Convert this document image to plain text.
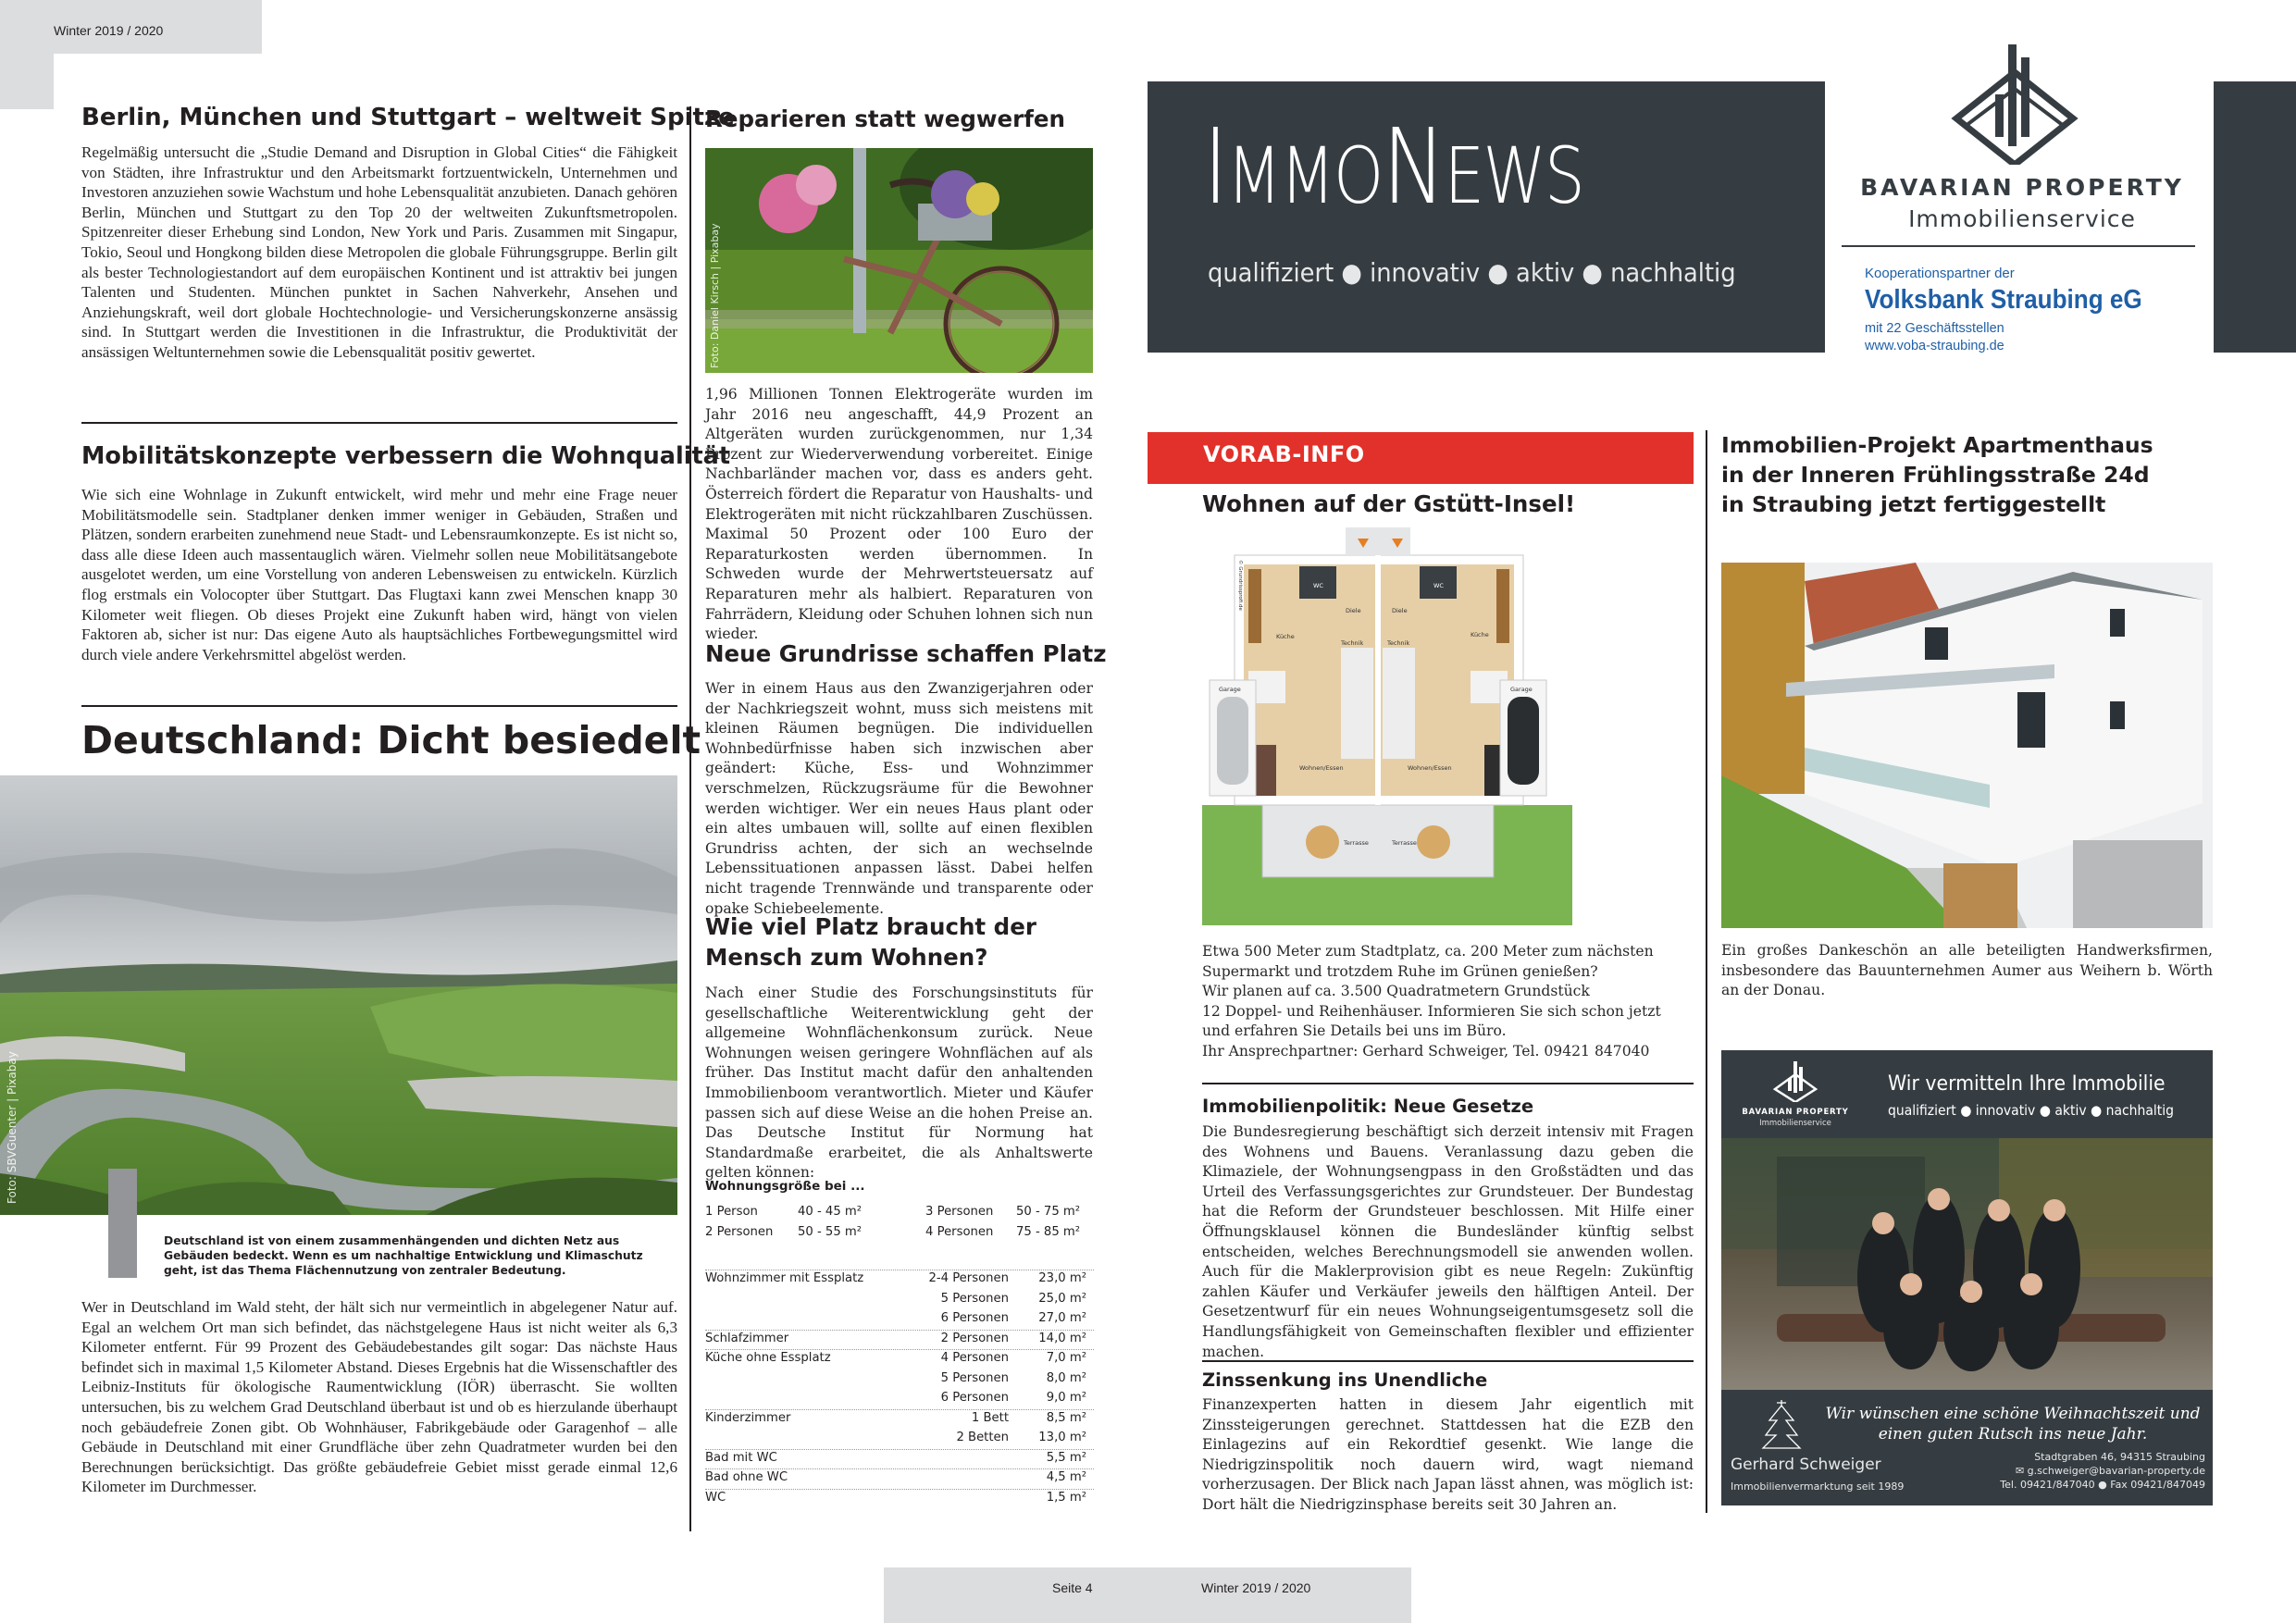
Winter 2019 / 2020
Seite 4	Winter 2019 / 2020
Berlin, München und Stuttgart – weltweit Spitze

Regelmäßig untersucht die „Studie Demand and Disruption in Global Cities“ die Fähigkeit von Städten, ihre Infrastruktur und den Arbeitsmarkt fortzuentwickeln, Unternehmen und Investoren anzuziehen sowie Wachstum und hohe Lebensqualität anzubieten. Danach gehören Berlin, München und Stuttgart zu den Top 20 der weltweiten Zukunftsmetropolen. Spitzenreiter dieser Erhebung sind London, New York und Paris. Zusammen mit Singapur, Tokio, Seoul und Hongkong bilden diese Metropolen die globale Führungsgruppe. Berlin gilt als bester Technologiestandort auf dem europäischen Kontinent und ist attraktiv bei jungen Talenten und Studenten. München punktet in Sachen Nahverkehr, Ansehen und Anziehungskraft, weil dort globale Hochtechnologie- und Versicherungskonzerne ansässig sind. In Stuttgart werden die Investitionen in die Infrastruktur, die Produktivität der ansässigen Weltunternehmen sowie die Lebensqualität positiv gewertet.

Mobilitätskonzepte verbessern die Wohnqualität

Wie sich eine Wohnlage in Zukunft entwickelt, wird mehr und mehr eine Frage neuer Mobilitätsmodelle sein. Stadtplaner denken immer weniger in Gebäuden, Straßen und Plätzen, sondern erarbeiten zunehmend neue Stadt- und Lebensraumkonzepte. Es ist nicht so, dass alle diese Ideen auch massentauglich wären. Vielmehr sollen neue Mobilitätsangebote ausgelotet werden, um eine Vorstellung von anderen Lebensweisen zu entwickeln. Kürzlich flog erstmals ein Volocopter über Stuttgart. Das Flugtaxi kann zwei Menschen knapp 30 Kilometer weit fliegen. Ob dieses Projekt eine Zukunft haben wird, hängt von vielen Faktoren ab, sicher ist nur: Das eigene Auto als hauptsächliches Fortbewegungsmittel wird durch viele andere Verkehrsmittel abgelöst werden.

Deutschland: Dicht besiedelt
Foto: SBVGuenter | Pixabay

Deutschland ist von einem zusammenhängenden und dichten Netz aus Gebäuden bedeckt. Wenn es um nachhaltige Entwicklung und Klimaschutz geht, ist das Thema Flächennutzung von zentraler Bedeutung.

Wer in Deutschland im Wald steht, der hält sich nur vermeintlich in abgelegener Natur auf. Egal an welchem Ort man sich befindet, das nächstgelegene Haus ist nicht weiter als 6,3 Kilometer entfernt. Für 99 Prozent des Gebäudebestandes gilt sogar: Das nächste Haus befindet sich in maximal 1,5 Kilometer Abstand. Dieses Ergebnis hat die Wissenschaftler des Leibniz-Instituts für ökologische Raumentwicklung (IÖR) überrascht. Sie wollten untersuchen, bis zu welchem Grad Deutschland überbaut ist und ob es hierzulande überhaupt noch gebäudefreie Zonen gibt. Ob Wohnhäuser, Fabrikgebäude oder Garagenhof – alle Gebäude in Deutschland mit einer Grundfläche über zehn Quadratmeter wurden bei den Berechnungen berücksichtigt. Das größte gebäudefreie Gebiet misst gerade einmal 12,6 Kilometer im Durchmesser.

Reparieren statt wegwerfen
Foto: Daniel Kirsch | Pixabay

1,96 Millionen Tonnen Elektrogeräte wurden im Jahr 2016 neu angeschafft, 44,9 Prozent an Altgeräten wurden zurückgenommen, nur 1,34 Prozent zur Wiederverwendung vorbereitet. Einige Nachbarländer machen vor, dass es anders geht. Österreich fördert die Reparatur von Haushalts- und Elektrogeräten mit nicht rückzahlbaren Zuschüssen. Maximal 50 Prozent oder 100 Euro der Reparaturkosten werden übernommen. In Schweden wurde der Mehrwertsteuersatz auf Reparaturen mehr als halbiert. Reparaturen von Fahrrädern, Kleidung oder Schuhen lohnen sich nun wieder.

Neue Grundrisse schaffen Platz

Wer in einem Haus aus den Zwanzigerjahren oder der Nachkriegszeit wohnt, muss sich meistens mit kleinen Räumen begnügen. Die individuellen Wohnbedürfnisse haben sich inzwischen aber geändert: Küche, Ess- und Wohnzimmer verschmelzen, Rückzugsräume für die Bewohner werden wichtiger. Wer ein neues Haus plant oder ein altes umbauen will, sollte auf einen flexiblen Grundriss achten, der sich an wechselnde Lebenssituationen anpassen lässt. Dabei helfen nicht tragende Trennwände und transparente oder opake Schiebeelemente.

Wie viel Platz braucht der
Mensch zum Wohnen?

Nach einer Studie des Forschungsinstituts für gesellschaftliche Weiterentwicklung geht der allgemeine Wohnflächenkonsum zurück. Neue Wohnungen weisen geringere Wohnflächen auf als früher. Das Institut macht dafür den anhaltenden Immobilienboom verantwortlich. Mieter und Käufer passen sich auf diese Weise an die hohen Preise an. Das Deutsche Institut für Normung hat Standardmaße erarbeitet, die als Anhaltswerte gelten können:

Wohnungsgröße bei ...
1 Person	40 - 45 m²	3 Personen 50 - 75 m²
2 Personen 50 - 55 m²	4 Personen 75 - 85 m²
Wohnzimmer mit Essplatz	2-4 Personen 23,0 m²
5 Personen 25,0 m²
6 Personen 27,0 m²
Schlafzimmer	2 Personen 14,0 m²
Küche ohne Essplatz	4 Personen	7,0 m²
5 Personen	8,0 m²
6 Personen	9,0 m²
Kinderzimmer	1 Bett	8,5 m²
2 Betten 13,0 m²
Bad mit WC	5,5 m²
Bad ohne WC	4,5 m²
WC	1,5 m²
IMMONEWS
qualifiziert ● innovativ ● aktiv ● nachhaltig
BAVARIAN PROPERTY
Immobilienservice
Kooperationspartner der
Volksbank Straubing eG
mit 22 Geschäftsstellen
www.voba-straubing.de
VORAB-INFO
Wohnen auf der Gstütt-Insel!
Küche	Küche
Diele	Diele
WC	WC
Technik	Technik
Wohnen/Essen	Wohnen/Essen
Garage	Garage
Terrasse	Terrasse
© Grundrissprofi.de
Etwa 500 Meter zum Stadtplatz, ca. 200 Meter zum nächsten
Supermarkt und trotzdem Ruhe im Grünen genießen?
Wir planen auf ca. 3.500 Quadratmetern Grundstück
12 Doppel- und Reihenhäuser. Informieren Sie sich schon jetzt
und erfahren Sie Details bei uns im Büro.
Ihr Ansprechpartner: Gerhard Schweiger, Tel. 09421 847040
Immobilienpolitik: Neue Gesetze

Die Bundesregierung beschäftigt sich derzeit intensiv mit Fragen des Wohnens und Bauens. Veranlassung dazu geben die Klimaziele, der Wohnungsengpass in den Großstädten und das Urteil des Verfassungsgerichtes zur Grundsteuer. Der Bundestag hat die Reform der Grundsteuer beschlossen. Mit Hilfe einer Öffnungsklausel können die Bundesländer künftig selbst entscheiden, welches Berechnungsmodell sie anwenden wollen. Auch für die Maklerprovision gibt es neue Regeln: Zukünftig zahlen Käufer und Verkäufer jeweils den hälftigen Anteil. Der Gesetzentwurf für ein neues Wohnungseigentumsgesetz soll die Handlungsfähigkeit von Gemeinschaften flexibler und effizienter machen.

Zinssenkung ins Unendliche

Finanzexperten hatten in diesem Jahr eigentlich mit Zinssteigerungen gerechnet. Stattdessen hat die EZB den Einlagezins auf ein Rekordtief gesenkt. Wie lange die Niedrigzinspolitik noch dauern wird, wagt niemand vorherzusagen. Der Blick nach Japan lässt ahnen, was möglich ist: Dort hält die Niedrigzinsphase bereits seit 30 Jahren an.

Immobilien-Projekt Apartmenthaus
in der Inneren Frühlingsstraße 24d
in Straubing jetzt fertiggestellt

Ein großes Dankeschön an alle beteiligten Handwerksfirmen, insbesondere das Bauunternehmen Aumer aus Weihern b. Wörth an der Donau.

BAVARIAN PROPERTY
Immobilienservice
Wir vermitteln Ihre Immobilie
qualifiziert ● innovativ ● aktiv ● nachhaltig
Wir wünschen eine schöne Weihnachtszeit und
einen guten Rutsch ins neue Jahr.
Gerhard Schweiger
Immobilienvermarktung seit 1989
Stadtgraben 46, 94315 Straubing
✉ g.schweiger@bavarian-property.de
Tel. 09421/847040 ● Fax 09421/847049
